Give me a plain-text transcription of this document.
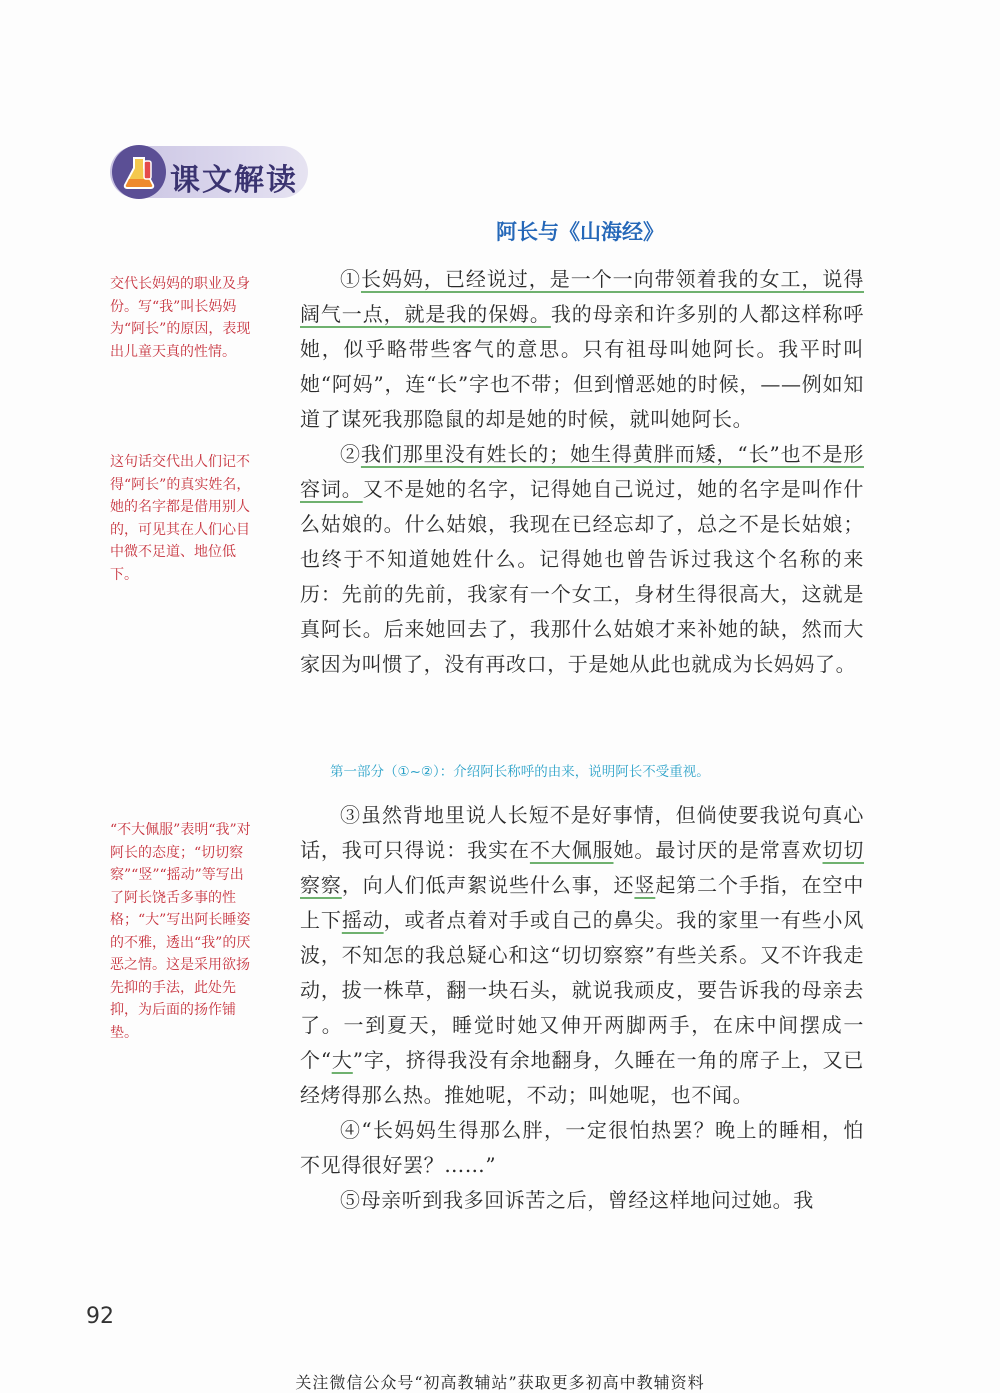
课文解读
阿长与《山海经》
交代长妈妈的职业及身份。写“我”叫长妈妈为“阿长”的原因，表现出儿童天真的性情。
这句话交代出人们记不得“阿长”的真实姓名，她的名字都是借用别人的，可见其在人们心目中微不足道、地位低下。
“不大佩服”表明“我”对阿长的态度；“切切察察”“竖”“摇动”等写出了阿长饶舌多事的性格；“大”写出阿长睡姿的不雅，透出“我”的厌恶之情。这是采用欲扬先抑的手法，此处先抑，为后面的扬作铺垫。

①长妈妈，已经说过，是一个一向带领着我的女工，说得阔气一点，就是我的保姆。我的母亲和许多别的人都这样称呼她，似乎略带些客气的意思。只有祖母叫她阿长。我平时叫她“阿妈”，连“长”字也不带；但到憎恶她的时候，——例如知道了谋死我那隐鼠的却是她的时候，就叫她阿长。

②我们那里没有姓长的；她生得黄胖而矮，“长”也不是形容词。又不是她的名字，记得她自己说过，她的名字是叫作什么姑娘的。什么姑娘，我现在已经忘却了，总之不是长姑娘；也终于不知道她姓什么。记得她也曾告诉过我这个名称的来历：先前的先前，我家有一个女工，身材生得很高大，这就是真阿长。后来她回去了，我那什么姑娘才来补她的缺，然而大家因为叫惯了，没有再改口，于是她从此也就成为长妈妈了。

第一部分（①~②）：介绍阿长称呼的由来，说明阿长不受重视。

③虽然背地里说人长短不是好事情，但倘使要我说句真心话，我可只得说：我实在不大佩服她。最讨厌的是常喜欢切切察察，向人们低声絮说些什么事，还竖起第二个手指，在空中上下摇动，或者点着对手或自己的鼻尖。我的家里一有些小风波，不知怎的我总疑心和这“切切察察”有些关系。又不许我走动，拔一株草，翻一块石头，就说我顽皮，要告诉我的母亲去了。一到夏天，睡觉时她又伸开两脚两手，在床中间摆成一个“大”字，挤得我没有余地翻身，久睡在一角的席子上，又已经烤得那么热。推她呢，不动；叫她呢，也不闻。

④“长妈妈生得那么胖，一定很怕热罢？晚上的睡相，怕不见得很好罢？……”

⑤母亲听到我多回诉苦之后，曾经这样地问过她。我

92
关注微信公众号“初高教辅站”获取更多初高中教辅资料
